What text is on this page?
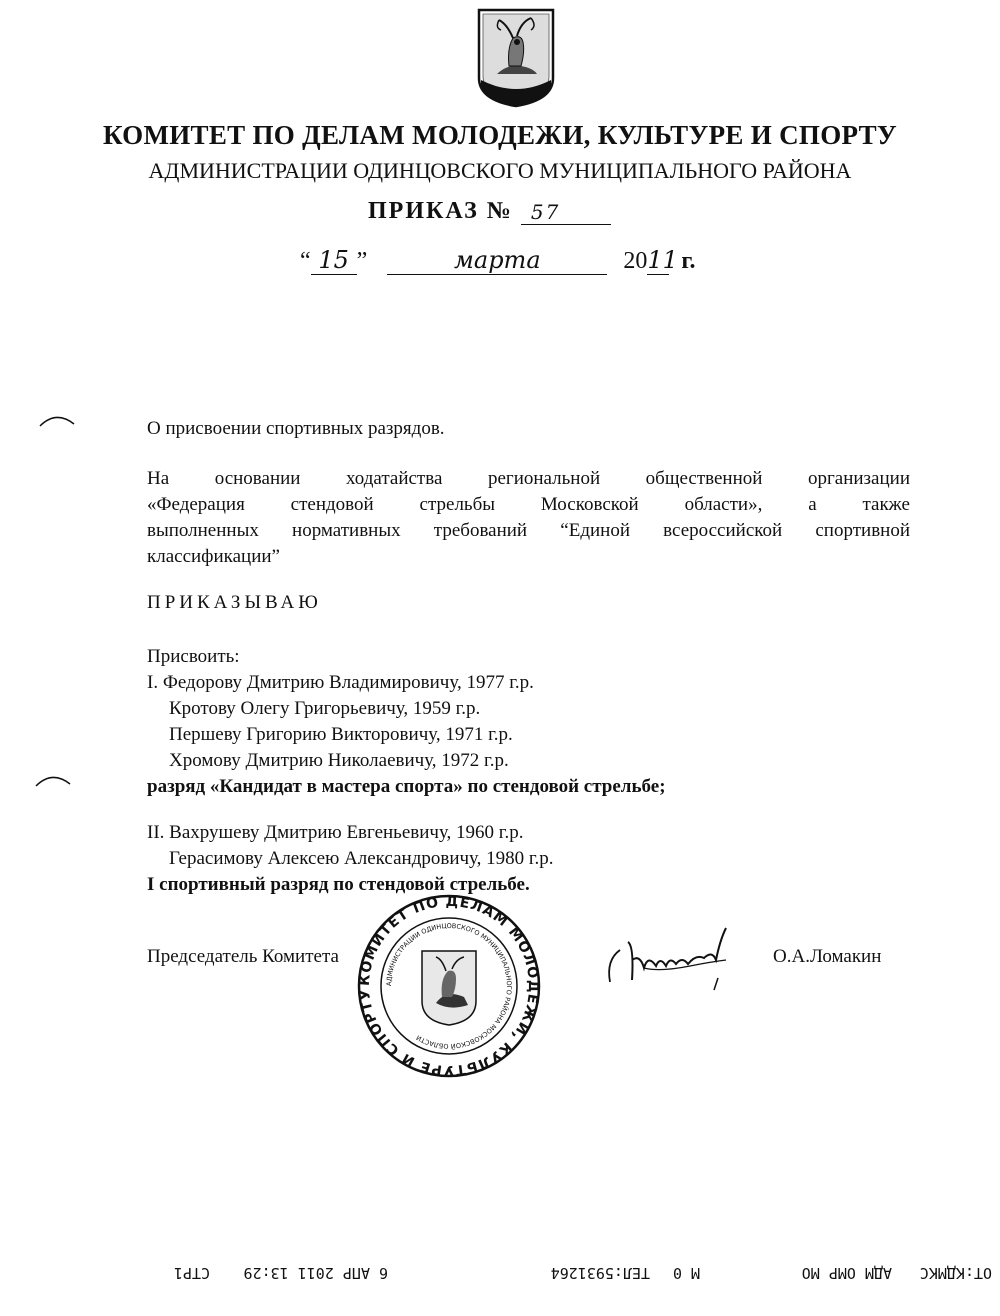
КОМИТЕТ ПО ДЕЛАМ МОЛОДЕЖИ, КУЛЬТУРЕ И СПОРТУ
АДМИНИСТРАЦИИ ОДИНЦОВСКОГО МУНИЦИПАЛЬНОГО РАЙОНА
ПРИКАЗ № 57
“ 15 ”	марта	2011 г.
О присвоении спортивных разрядов.
На основании ходатайства региональной общественной организации
«Федерация стендовой стрельбы Московской области», а также
выполненных нормативных требований “Единой всероссийской спортивной
классификации”
ПРИКАЗЫВАЮ
Присвоить:
I. Федорову Дмитрию Владимировичу, 1977 г.р.
Кротову Олегу Григорьевичу, 1959 г.р.
Першеву Григорию Викторовичу, 1971 г.р.
Хромову Дмитрию Николаевичу, 1972 г.р.
разряд «Кандидат в мастера спорта» по стендовой стрельбе;
II. Вахрушеву Дмитрию Евгеньевичу, 1960 г.р.
Герасимову Алексею Александровичу, 1980 г.р.
I спортивный разряд по стендовой стрельбе.
Председатель Комитета	О.А.Ломакин
КОМИТЕТ ПО ДЕЛАМ МОЛОДЕЖИ, КУЛЬТУРЕ И СПОРТУ
АДМИНИСТРАЦИИ ОДИНЦОВСКОГО МУНИЦИПАЛЬНОГО РАЙОНА МОСКОВСКОЙ ОБЛАСТИ
OT:КДМКС
АДМ ОМР МО
M 0
ТЕЛ:5931264
6 АПР 2011 13:29
СТР1
